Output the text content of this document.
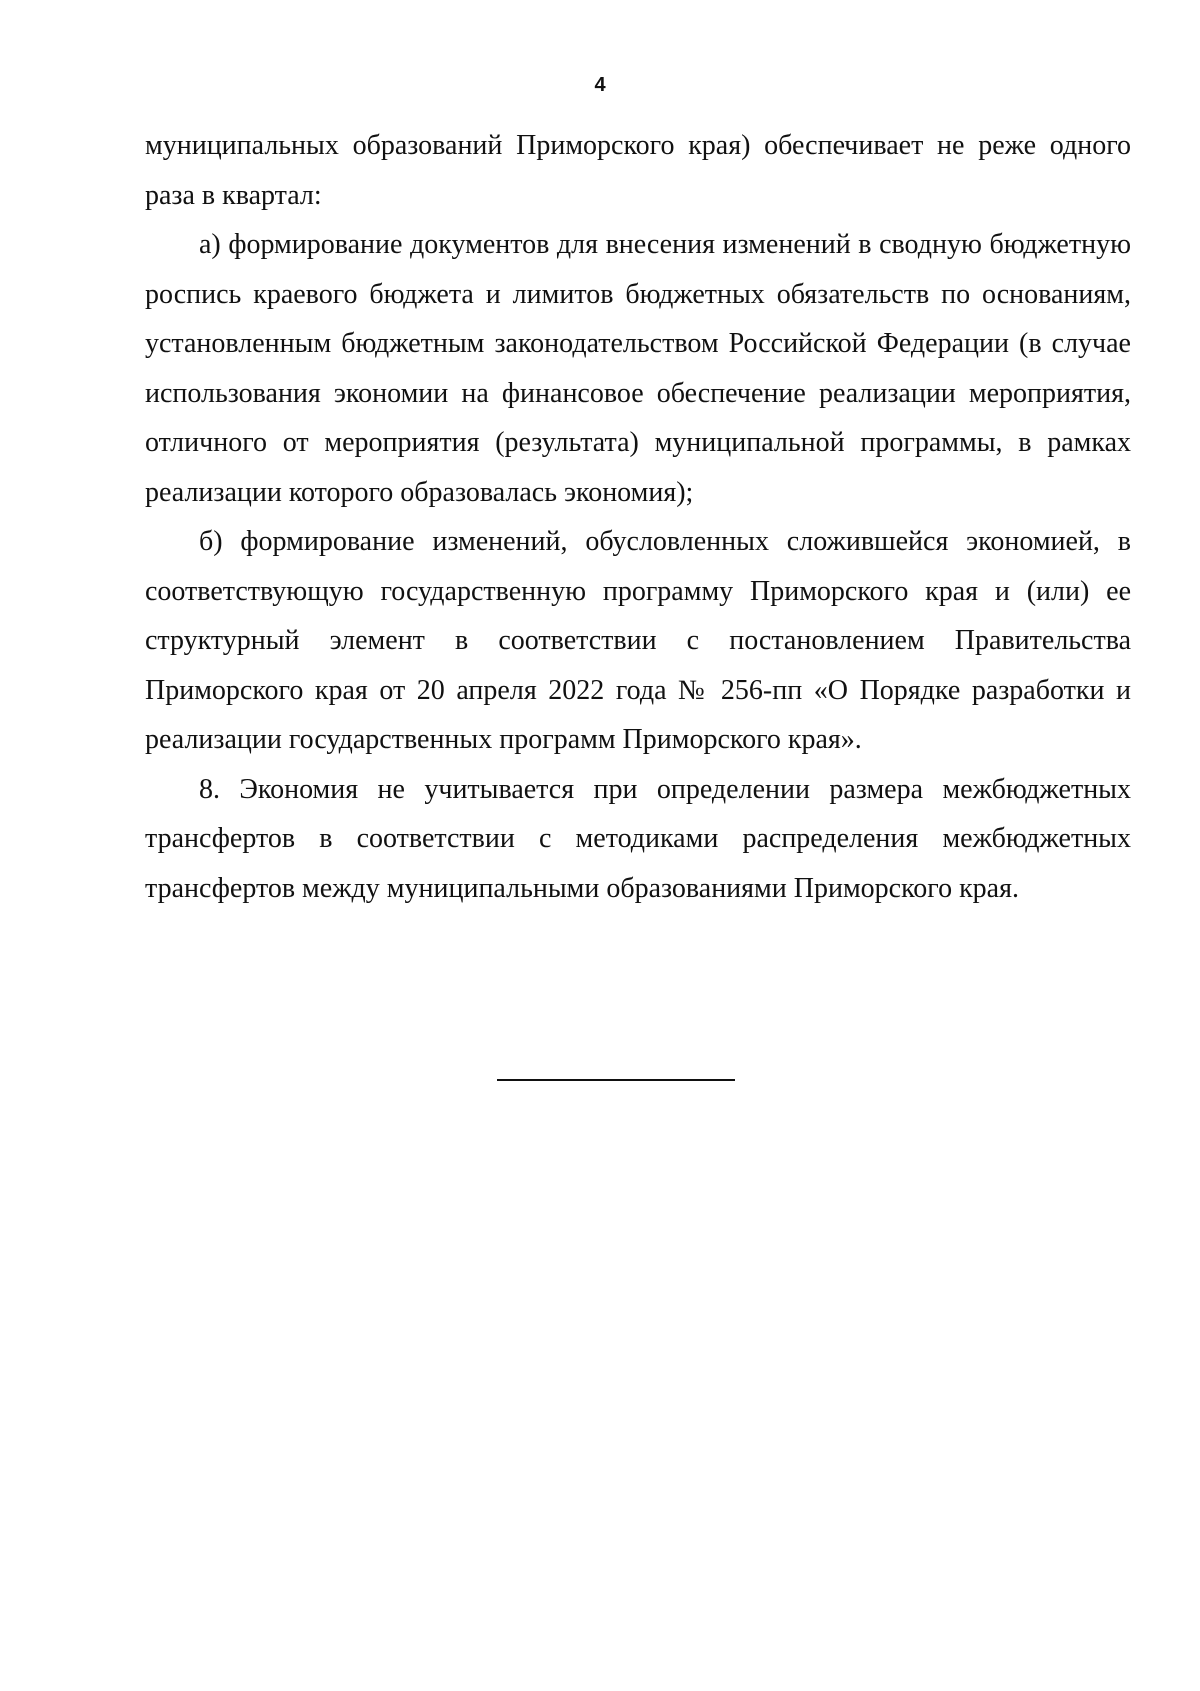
4

муниципальных образований Приморского края) обеспечивает не реже одного раза в квартал:

а) формирование документов для внесения изменений в сводную бюджетную роспись краевого бюджета и лимитов бюджетных обязательств по основаниям, установленным бюджетным законодательством Российской Федерации (в случае использования экономии на финансовое обеспечение реализации мероприятия, отличного от мероприятия (результата) муниципальной программы, в рамках реализации которого образовалась экономия);

б) формирование изменений, обусловленных сложившейся экономией, в соответствующую государственную программу Приморского края и (или) ее структурный элемент в соответствии с постановлением Правительства Приморского края от 20 апреля 2022 года № 256-пп «О Порядке разработки и реализации государственных программ Приморского края».

8. Экономия не учитывается при определении размера межбюджетных трансфертов в соответствии с методиками распределения межбюджетных трансфертов между муниципальными образованиями Приморского края.
